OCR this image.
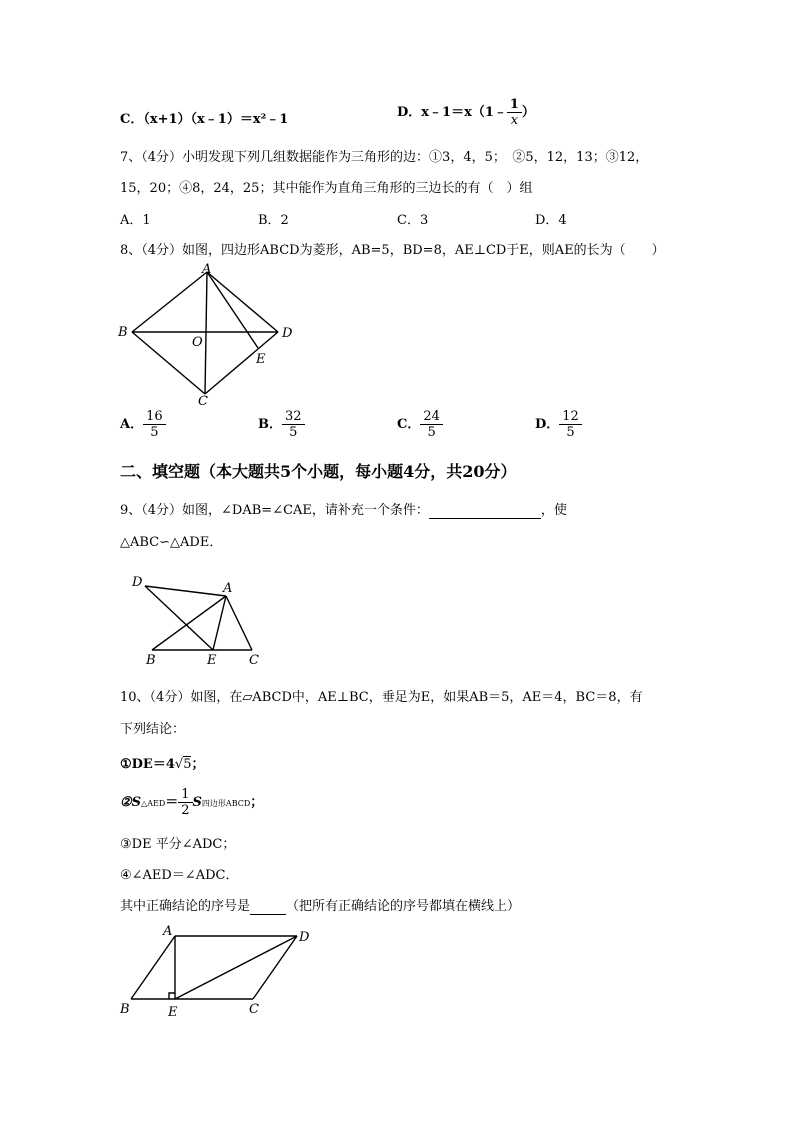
C．（x+1）（x﹣1）＝x²﹣1	D．x﹣1＝x（1﹣ $\frac{1}{x}$ ）
7、（4分）小明发现下列几组数据能作为三角形的边：①3，4，5；　②5，12，13；③12，
15，20；④8，24，25；其中能作为直角三角形的三边长的有（　）组
A．1	B．2	C．3	D．4
8、（4分）如图，四边形ABCD为菱形，AB=5，BD=8，AE⊥CD于E，则AE的长为（　　）
A
B	D
O
E
C
A． $\frac{16}{5}$	B． $\frac{32}{5}$	C． $\frac{24}{5}$	D． $\frac{12}{5}$
二、填空题（本大题共5个小题，每小题4分，共20分）
9、（4分）如图，∠DAB=∠CAE，请补充一个条件：	，使
△ABC∽△ADE．
D	A
B	E	C
10、（4分）如图，在▱ABCD中，AE⊥BC，垂足为E，如果AB＝5，AE＝4，BC＝8，有
下列结论：
①DE＝4√5；
②S△AED＝ $\frac{1}{2}$ S四边形ABCD；
③DE 平分∠ADC；
④∠AED＝∠ADC．
其中正确结论的序号是	（把所有正确结论的序号都填在横线上）
A	D
B	E	C
